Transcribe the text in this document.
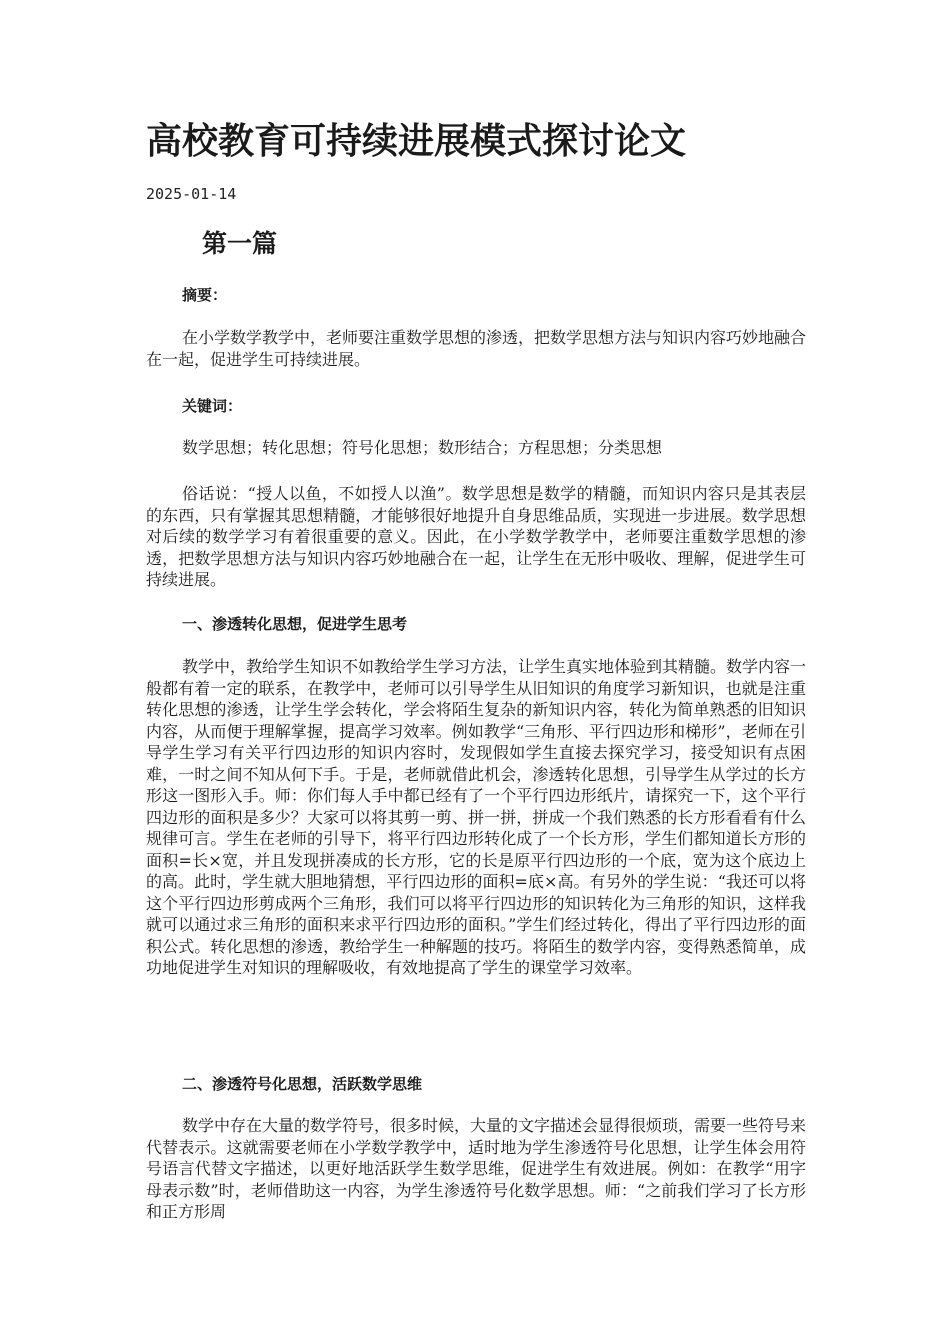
高校教育可持续进展模式探讨论文
2025-01-14
第一篇
摘要：

在小学数学教学中，老师要注重数学思想的渗透，把数学思想方法与知识内容巧妙地融合在一起，促进学生可持续进展。

关键词：

数学思想；转化思想；符号化思想；数形结合；方程思想；分类思想

俗话说：“授人以鱼，不如授人以渔”。数学思想是数学的精髓，而知识内容只是其表层的东西，只有掌握其思想精髓，才能够很好地提升自身思维品质，实现进一步进展。数学思想对后续的数学学习有着很重要的意义。因此，在小学数学教学中，老师要注重数学思想的渗透，把数学思想方法与知识内容巧妙地融合在一起，让学生在无形中吸收、理解，促进学生可持续进展。

一、渗透转化思想，促进学生思考

教学中，教给学生知识不如教给学生学习方法，让学生真实地体验到其精髓。数学内容一般都有着一定的联系，在教学中，老师可以引导学生从旧知识的角度学习新知识，也就是注重转化思想的渗透，让学生学会转化，学会将陌生复杂的新知识内容，转化为简单熟悉的旧知识内容，从而便于理解掌握，提高学习效率。例如教学“三角形、平行四边形和梯形”，老师在引导学生学习有关平行四边形的知识内容时，发现假如学生直接去探究学习，接受知识有点困难，一时之间不知从何下手。于是，老师就借此机会，渗透转化思想，引导学生从学过的长方形这一图形入手。师：你们每人手中都已经有了一个平行四边形纸片，请探究一下，这个平行四边形的面积是多少？大家可以将其剪一剪、拼一拼，拼成一个我们熟悉的长方形看看有什么规律可言。学生在老师的引导下，将平行四边形转化成了一个长方形，学生们都知道长方形的面积=长×宽，并且发现拼凑成的长方形，它的长是原平行四边形的一个底，宽为这个底边上的高。此时，学生就大胆地猜想，平行四边形的面积=底×高。有另外的学生说：“我还可以将这个平行四边形剪成两个三角形，我们可以将平行四边形的知识转化为三角形的知识，这样我就可以通过求三角形的面积来求平行四边形的面积。”学生们经过转化，得出了平行四边形的面积公式。转化思想的渗透，教给学生一种解题的技巧。将陌生的数学内容，变得熟悉简单，成功地促进学生对知识的理解吸收，有效地提高了学生的课堂学习效率。

二、渗透符号化思想，活跃数学思维

数学中存在大量的数学符号，很多时候，大量的文字描述会显得很烦琐，需要一些符号来代替表示。这就需要老师在小学数学教学中，适时地为学生渗透符号化思想，让学生体会用符号语言代替文字描述，以更好地活跃学生数学思维，促进学生有效进展。例如：在教学“用字母表示数”时，老师借助这一内容，为学生渗透符号化数学思想。师：“之前我们学习了长方形和正方形周
